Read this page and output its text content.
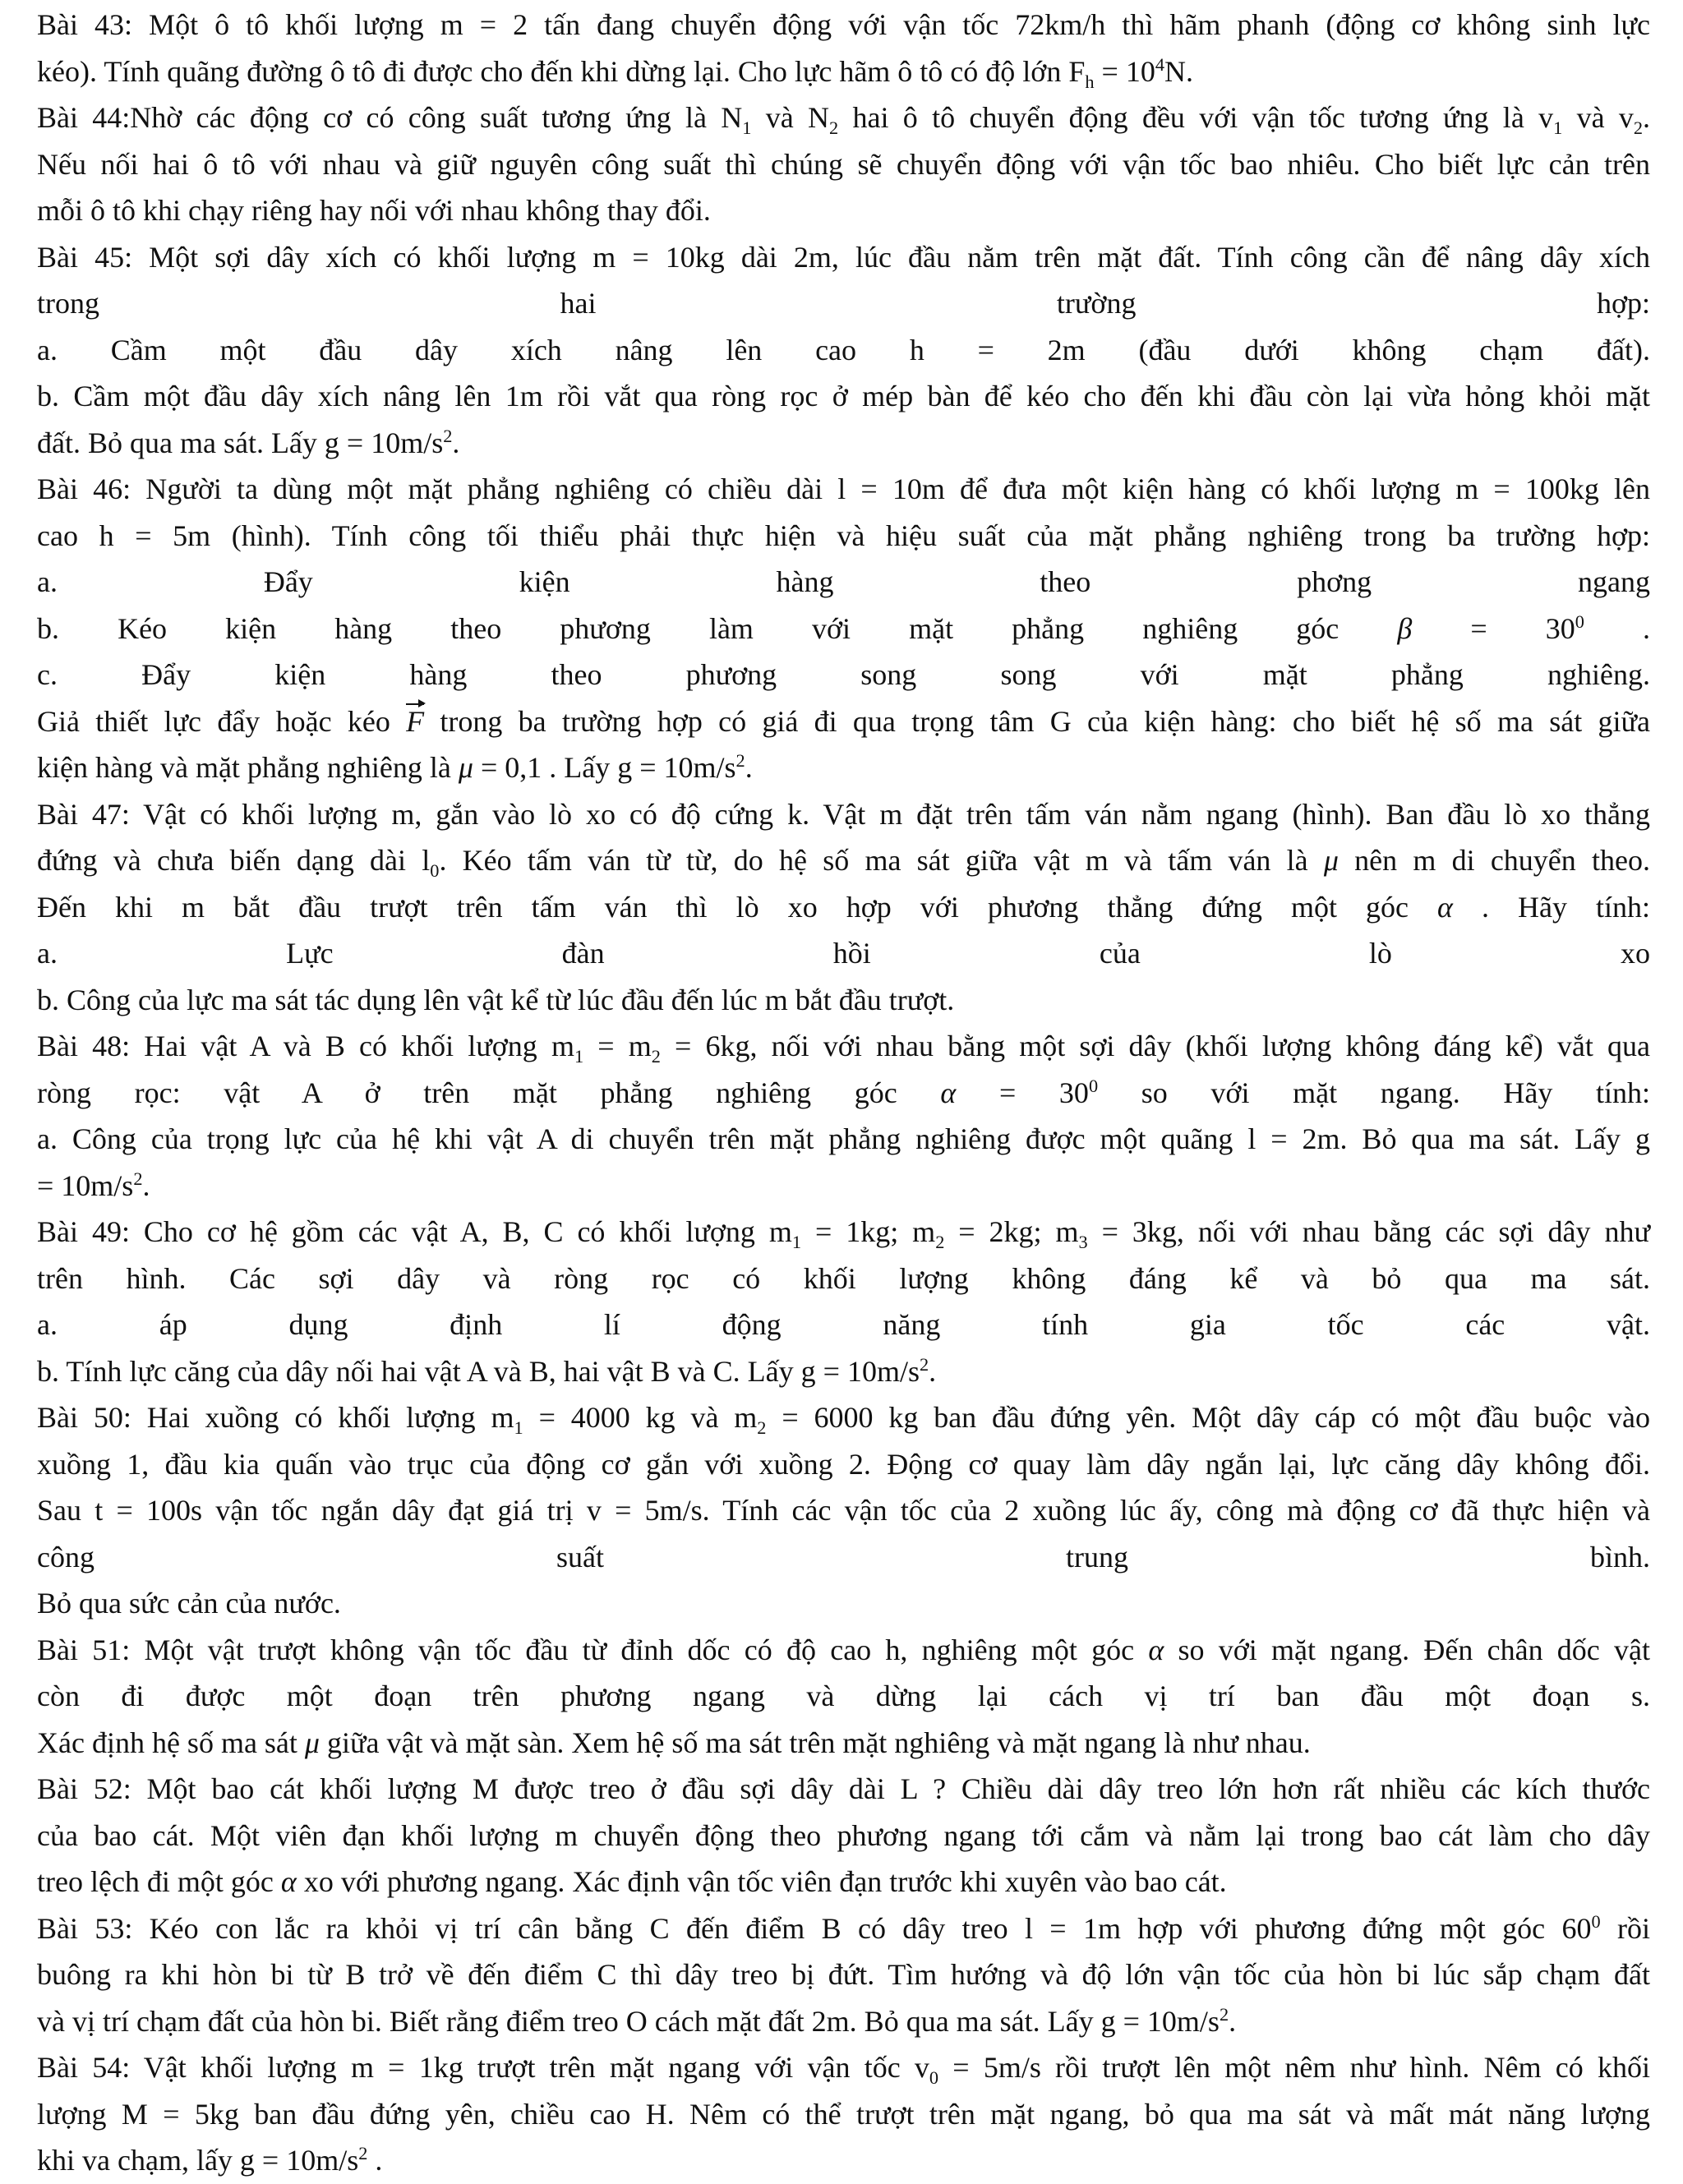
Bài 43: Một ô tô khối lượng m = 2 tấn đang chuyển động với vận tốc 72km/h thì hãm phanh (động cơ không sinh lực
kéo). Tính quãng đường ô tô đi được cho đến khi dừng lại. Cho lực hãm ô tô có độ lớn $F_h = 10^4N$.
Bài 44:Nhờ các động cơ có công suất tương ứng là $N_1$ và $N_2$ hai ô tô chuyển động đều với vận tốc tương ứng là $v_1$ và $v_2$.
Nếu nối hai ô tô với nhau và giữ nguyên công suất thì chúng sẽ chuyển động với vận tốc bao nhiêu. Cho biết lực cản trên
mỗi ô tô khi chạy riêng hay nối với nhau không thay đổi.
Bài 45: Một sợi dây xích có khối lượng m = 10kg dài 2m, lúc đầu nằm trên mặt đất. Tính công cần để nâng dây xích
trong hai trường hợp:
a. Cầm một đầu dây xích nâng lên cao h = 2m (đầu dưới không chạm đất).
b. Cầm một đầu dây xích nâng lên 1m rồi vắt qua ròng rọc ở mép bàn để kéo cho đến khi đầu còn lại vừa hỏng khỏi mặt
đất. Bỏ qua ma sát. Lấy $g = 10m/s^2$.
Bài 46: Người ta dùng một mặt phẳng nghiêng có chiều dài l = 10m để đưa một kiện hàng có khối lượng m = 100kg lên
cao h = 5m (hình). Tính công tối thiểu phải thực hiện và hiệu suất của mặt phẳng nghiêng trong ba trường hợp:
a. Đẩy kiện hàng theo phơng ngang
b. Kéo kiện hàng theo phương làm với mặt phẳng nghiêng góc $\beta = 30^0$ .
c. Đẩy kiện hàng theo phương song song với mặt phẳng nghiêng.
Giả thiết lực đẩy hoặc kéo F trong ba trường hợp có giá đi qua trọng tâm G của kiện hàng: cho biết hệ số ma sát giữa
kiện hàng và mặt phẳng nghiêng là μ = 0,1 . Lấy $g = 10m/s^2$.
Bài 47: Vật có khối lượng m, gắn vào lò xo có độ cứng k. Vật m đặt trên tấm ván nằm ngang (hình). Ban đầu lò xo thẳng
đứng và chưa biến dạng dài $l_0$. Kéo tấm ván từ từ, do hệ số ma sát giữa vật m và tấm ván là μ nên m di chuyển theo.
Đến khi m bắt đầu trượt trên tấm ván thì lò xo hợp với phương thẳng đứng một góc α . Hãy tính:
a. Lực đàn hồi của lò xo
b. Công của lực ma sát tác dụng lên vật kể từ lúc đầu đến lúc m bắt đầu trượt.
Bài 48: Hai vật A và B có khối lượng $m_1 = m_2 = 6kg$, nối với nhau bằng một sợi dây (khối lượng không đáng kể) vắt qua
ròng rọc: vật A ở trên mặt phẳng nghiêng góc $\alpha = 30^0$ so với mặt ngang. Hãy tính:
a. Công của trọng lực của hệ khi vật A di chuyển trên mặt phẳng nghiêng được một quãng l = 2m. Bỏ qua ma sát. Lấy g
= $10m/s^2$.
Bài 49: Cho cơ hệ gồm các vật A, B, C có khối lượng $m_1 = 1kg$; $m_2 = 2kg$; $m_3 = 3kg$, nối với nhau bằng các sợi dây như
trên hình. Các sợi dây và ròng rọc có khối lượng không đáng kể và bỏ qua ma sát.
a. áp dụng định lí động năng tính gia tốc các vật.
b. Tính lực căng của dây nối hai vật A và B, hai vật B và C. Lấy $g = 10m/s^2$.
Bài 50: Hai xuồng có khối lượng $m_1 = 4000$ kg và $m_2 = 6000$ kg ban đầu đứng yên. Một dây cáp có một đầu buộc vào
xuồng 1, đầu kia quấn vào trục của động cơ gắn với xuồng 2. Động cơ quay làm dây ngắn lại, lực căng dây không đổi.
Sau t = 100s vận tốc ngắn dây đạt giá trị v = 5m/s. Tính các vận tốc của 2 xuồng lúc ấy, công mà động cơ đã thực hiện và
công suất trung bình.
Bỏ qua sức cản của nước.
Bài 51: Một vật trượt không vận tốc đầu từ đỉnh dốc có độ cao h, nghiêng một góc α so với mặt ngang. Đến chân dốc vật
còn đi được một đoạn trên phương ngang và dừng lại cách vị trí ban đầu một đoạn s.
Xác định hệ số ma sát μ giữa vật và mặt sàn. Xem hệ số ma sát trên mặt nghiêng và mặt ngang là như nhau.
Bài 52: Một bao cát khối lượng M được treo ở đầu sợi dây dài L ? Chiều dài dây treo lớn hơn rất nhiều các kích thước
của bao cát. Một viên đạn khối lượng m chuyển động theo phương ngang tới cắm và nằm lại trong bao cát làm cho dây
treo lệch đi một góc α xo với phương ngang. Xác định vận tốc viên đạn trước khi xuyên vào bao cát.
Bài 53: Kéo con lắc ra khỏi vị trí cân bằng C đến điểm B có dây treo l = 1m hợp với phương đứng một góc $60^0$ rồi
buông ra khi hòn bi từ B trở về đến điểm C thì dây treo bị đứt. Tìm hướng và độ lớn vận tốc của hòn bi lúc sắp chạm đất
và vị trí chạm đất của hòn bi. Biết rằng điểm treo O cách mặt đất 2m. Bỏ qua ma sát. Lấy $g = 10m/s^2$.
Bài 54: Vật khối lượng m = 1kg trượt trên mặt ngang với vận tốc $v_0 = 5m/s$ rồi trượt lên một nêm như hình. Nêm có khối
lượng M = 5kg ban đầu đứng yên, chiều cao H. Nêm có thể trượt trên mặt ngang, bỏ qua ma sát và mất mát năng lượng
khi va chạm, lấy $g = 10m/s^2$ .
